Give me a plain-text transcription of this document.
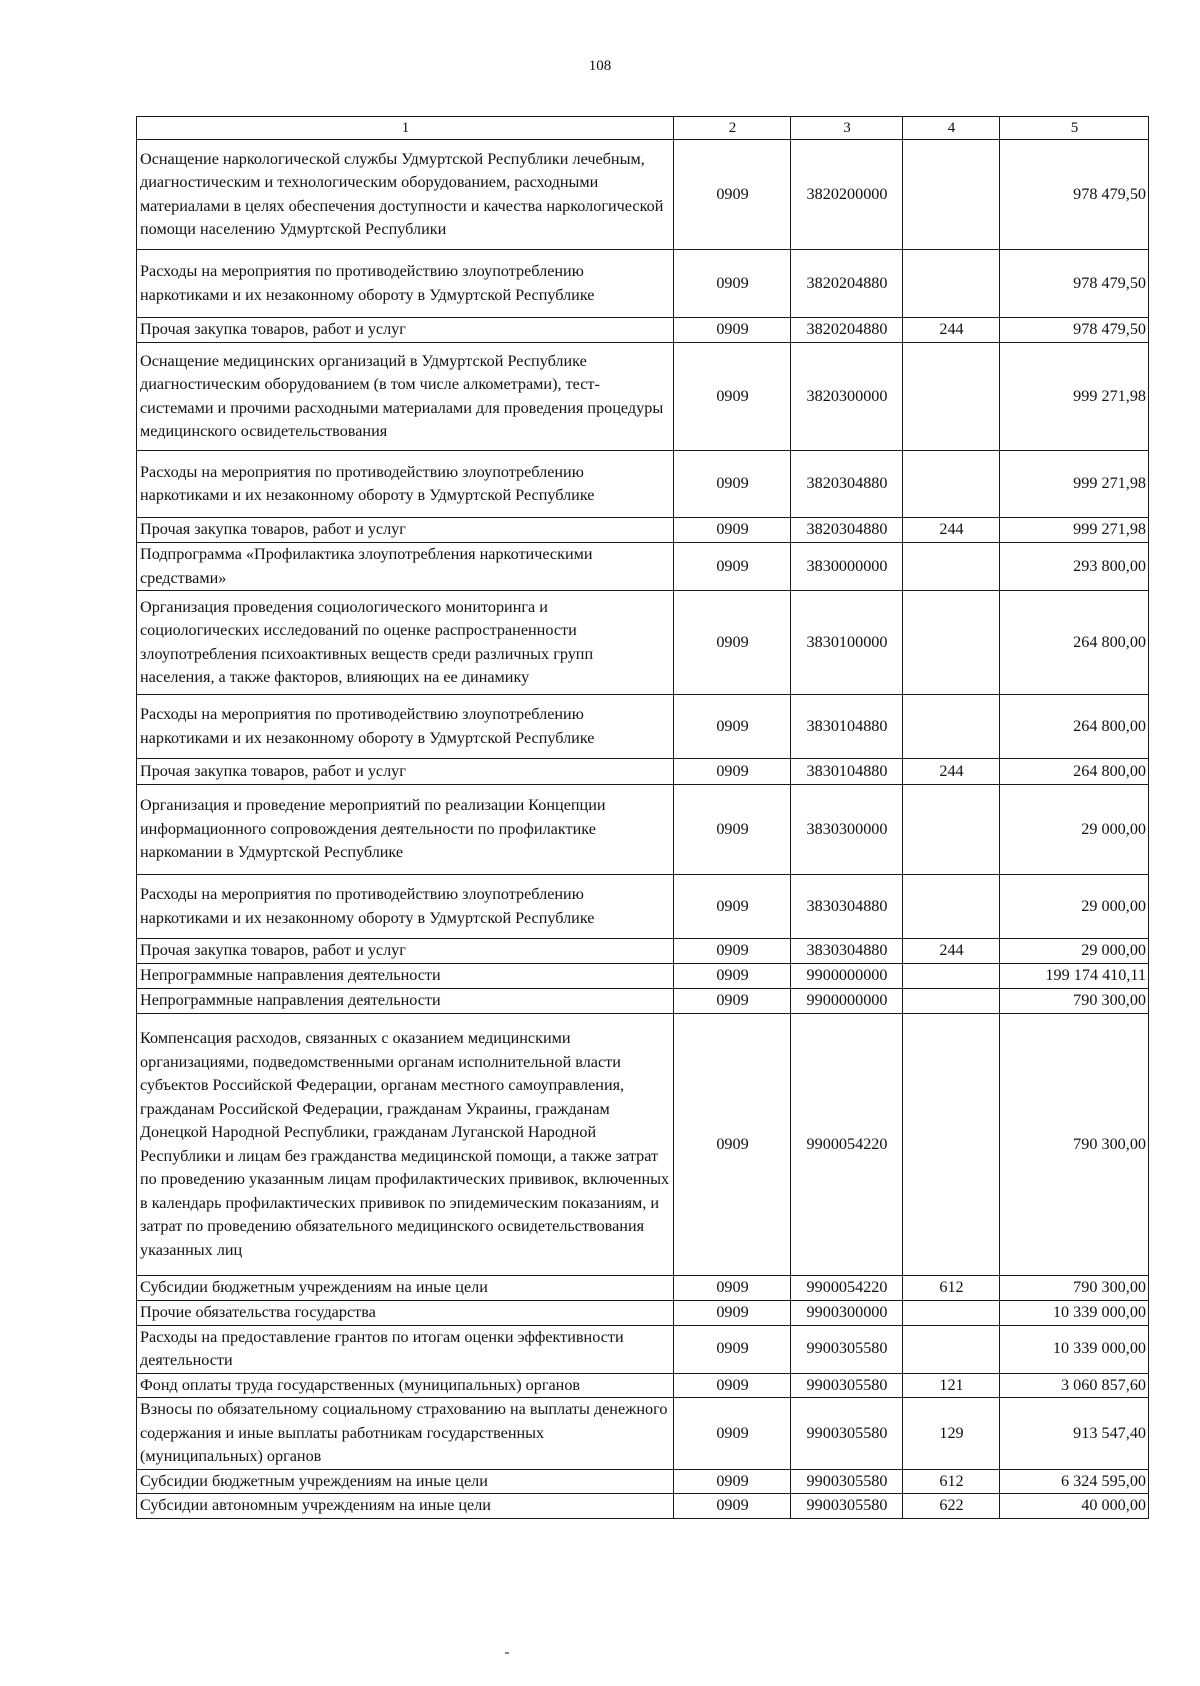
108
1	2	3	4	5
Оснащение наркологической службы Удмуртской Республики лечебным, диагностическим и технологическим оборудованием, расходными материалами в целях обеспечения доступности и качества наркологической помощи населению Удмуртской Республики	0909	3820200000		978 479,50
Расходы на мероприятия по противодействию злоупотреблению наркотиками и их незаконному обороту в Удмуртской Республике	0909	3820204880		978 479,50
Прочая закупка товаров, работ и услуг	0909	3820204880	244	978 479,50
Оснащение медицинских организаций в Удмуртской Республике диагностическим оборудованием (в том числе алкометрами), тест-системами и прочими расходными материалами для проведения процедуры медицинского освидетельствования	0909	3820300000		999 271,98
Расходы на мероприятия по противодействию злоупотреблению наркотиками и их незаконному обороту в Удмуртской Республике	0909	3820304880		999 271,98
Прочая закупка товаров, работ и услуг	0909	3820304880	244	999 271,98
Подпрограмма «Профилактика злоупотребления наркотическими средствами»	0909	3830000000		293 800,00
Организация проведения социологического мониторинга и социологических исследований по оценке распространенности злоупотребления психоактивных веществ среди различных групп населения, а также факторов, влияющих на ее динамику	0909	3830100000		264 800,00
Расходы на мероприятия по противодействию злоупотреблению наркотиками и их незаконному обороту в Удмуртской Республике	0909	3830104880		264 800,00
Прочая закупка товаров, работ и услуг	0909	3830104880	244	264 800,00
Организация и проведение мероприятий по реализации Концепции информационного сопровождения деятельности по профилактике наркомании в Удмуртской Республике	0909	3830300000		29 000,00
Расходы на мероприятия по противодействию злоупотреблению наркотиками и их незаконному обороту в Удмуртской Республике	0909	3830304880		29 000,00
Прочая закупка товаров, работ и услуг	0909	3830304880	244	29 000,00
Непрограммные направления деятельности	0909	9900000000		199 174 410,11
Непрограммные направления деятельности	0909	9900000000		790 300,00
Компенсация расходов, связанных с оказанием медицинскими организациями, подведомственными органам исполнительной власти субъектов Российской Федерации, органам местного самоуправления, гражданам Российской Федерации, гражданам Украины, гражданам Донецкой Народной Республики, гражданам Луганской Народной Республики и лицам без гражданства медицинской помощи, а также затрат по проведению указанным лицам профилактических прививок, включенных в календарь профилактических прививок по эпидемическим показаниям, и затрат по проведению обязательного медицинского освидетельствования указанных лиц	0909	9900054220		790 300,00
Субсидии бюджетным учреждениям на иные цели	0909	9900054220	612	790 300,00
Прочие обязательства государства	0909	9900300000		10 339 000,00
Расходы на предоставление грантов по итогам оценки эффективности деятельности	0909	9900305580		10 339 000,00
Фонд оплаты труда государственных (муниципальных) органов	0909	9900305580	121	3 060 857,60
Взносы по обязательному социальному страхованию на выплаты денежного содержания и иные выплаты работникам государственных (муниципальных) органов	0909	9900305580	129	913 547,40
Субсидии бюджетным учреждениям на иные цели	0909	9900305580	612	6 324 595,00
Субсидии автономным учреждениям на иные цели	0909	9900305580	622	40 000,00
